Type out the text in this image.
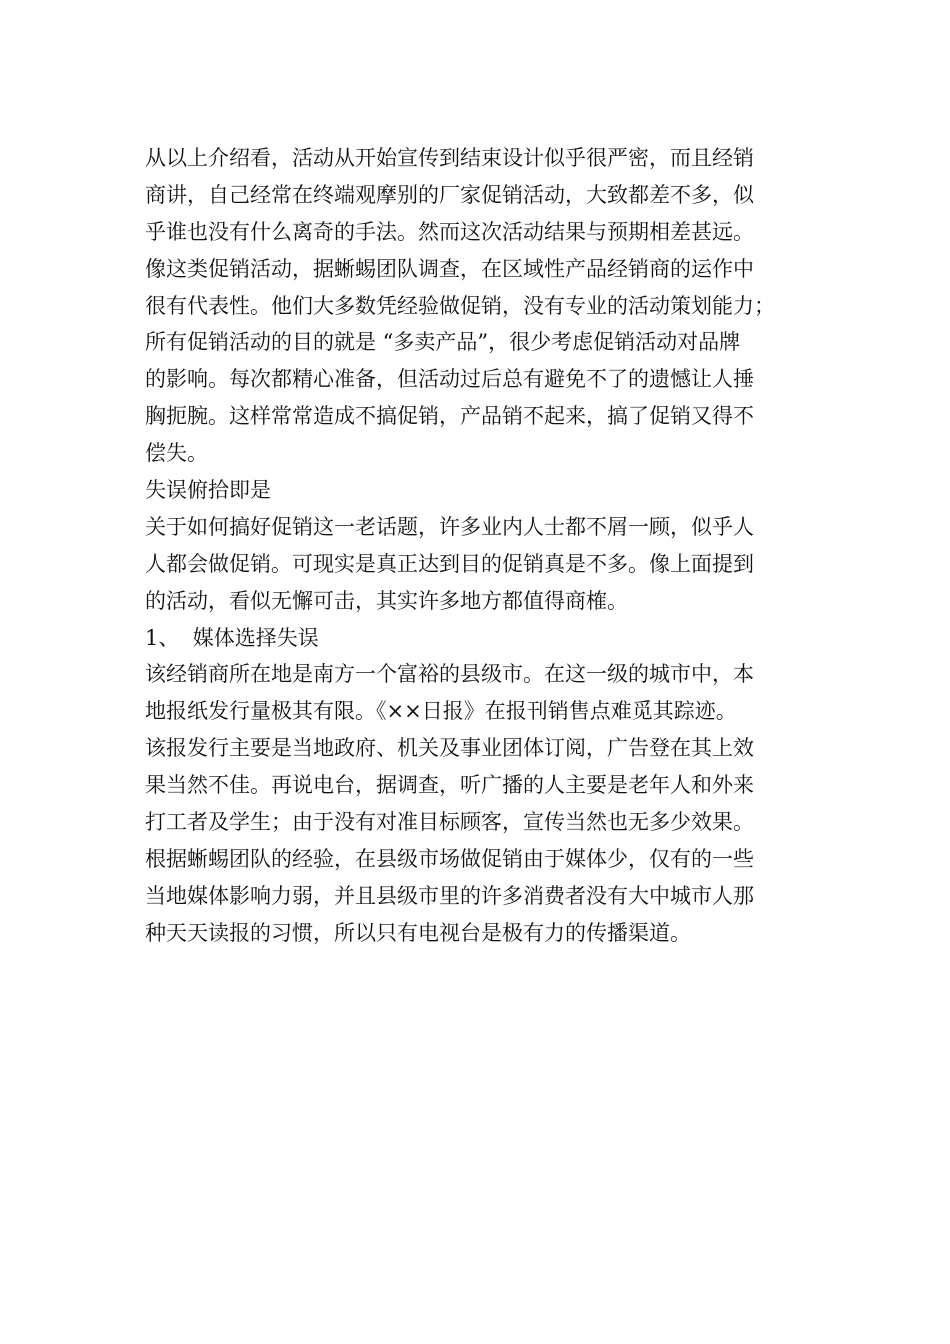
从以上介绍看，活动从开始宣传到结束设计似乎很严密，而且经销
商讲，自己经常在终端观摩别的厂家促销活动，大致都差不多，似
乎谁也没有什么离奇的手法。然而这次活动结果与预期相差甚远。
像这类促销活动，据蜥蜴团队调查，在区域性产品经销商的运作中
很有代表性。他们大多数凭经验做促销，没有专业的活动策划能力；
所有促销活动的目的就是 “多卖产品”，很少考虑促销活动对品牌
的影响。每次都精心准备，但活动过后总有避免不了的遗憾让人捶
胸扼腕。这样常常造成不搞促销，产品销不起来，搞了促销又得不
偿失。
失误俯拾即是
关于如何搞好促销这一老话题，许多业内人士都不屑一顾，似乎人
人都会做促销。可现实是真正达到目的促销真是不多。像上面提到
的活动，看似无懈可击，其实许多地方都值得商榷。
1、  媒体选择失误
该经销商所在地是南方一个富裕的县级市。在这一级的城市中，本
地报纸发行量极其有限。《××日报》在报刊销售点难觅其踪迹。
该报发行主要是当地政府、机关及事业团体订阅，广告登在其上效
果当然不佳。再说电台，据调查，听广播的人主要是老年人和外来
打工者及学生；由于没有对准目标顾客，宣传当然也无多少效果。
根据蜥蜴团队的经验，在县级市场做促销由于媒体少，仅有的一些
当地媒体影响力弱，并且县级市里的许多消费者没有大中城市人那
种天天读报的习惯，所以只有电视台是极有力的传播渠道。
